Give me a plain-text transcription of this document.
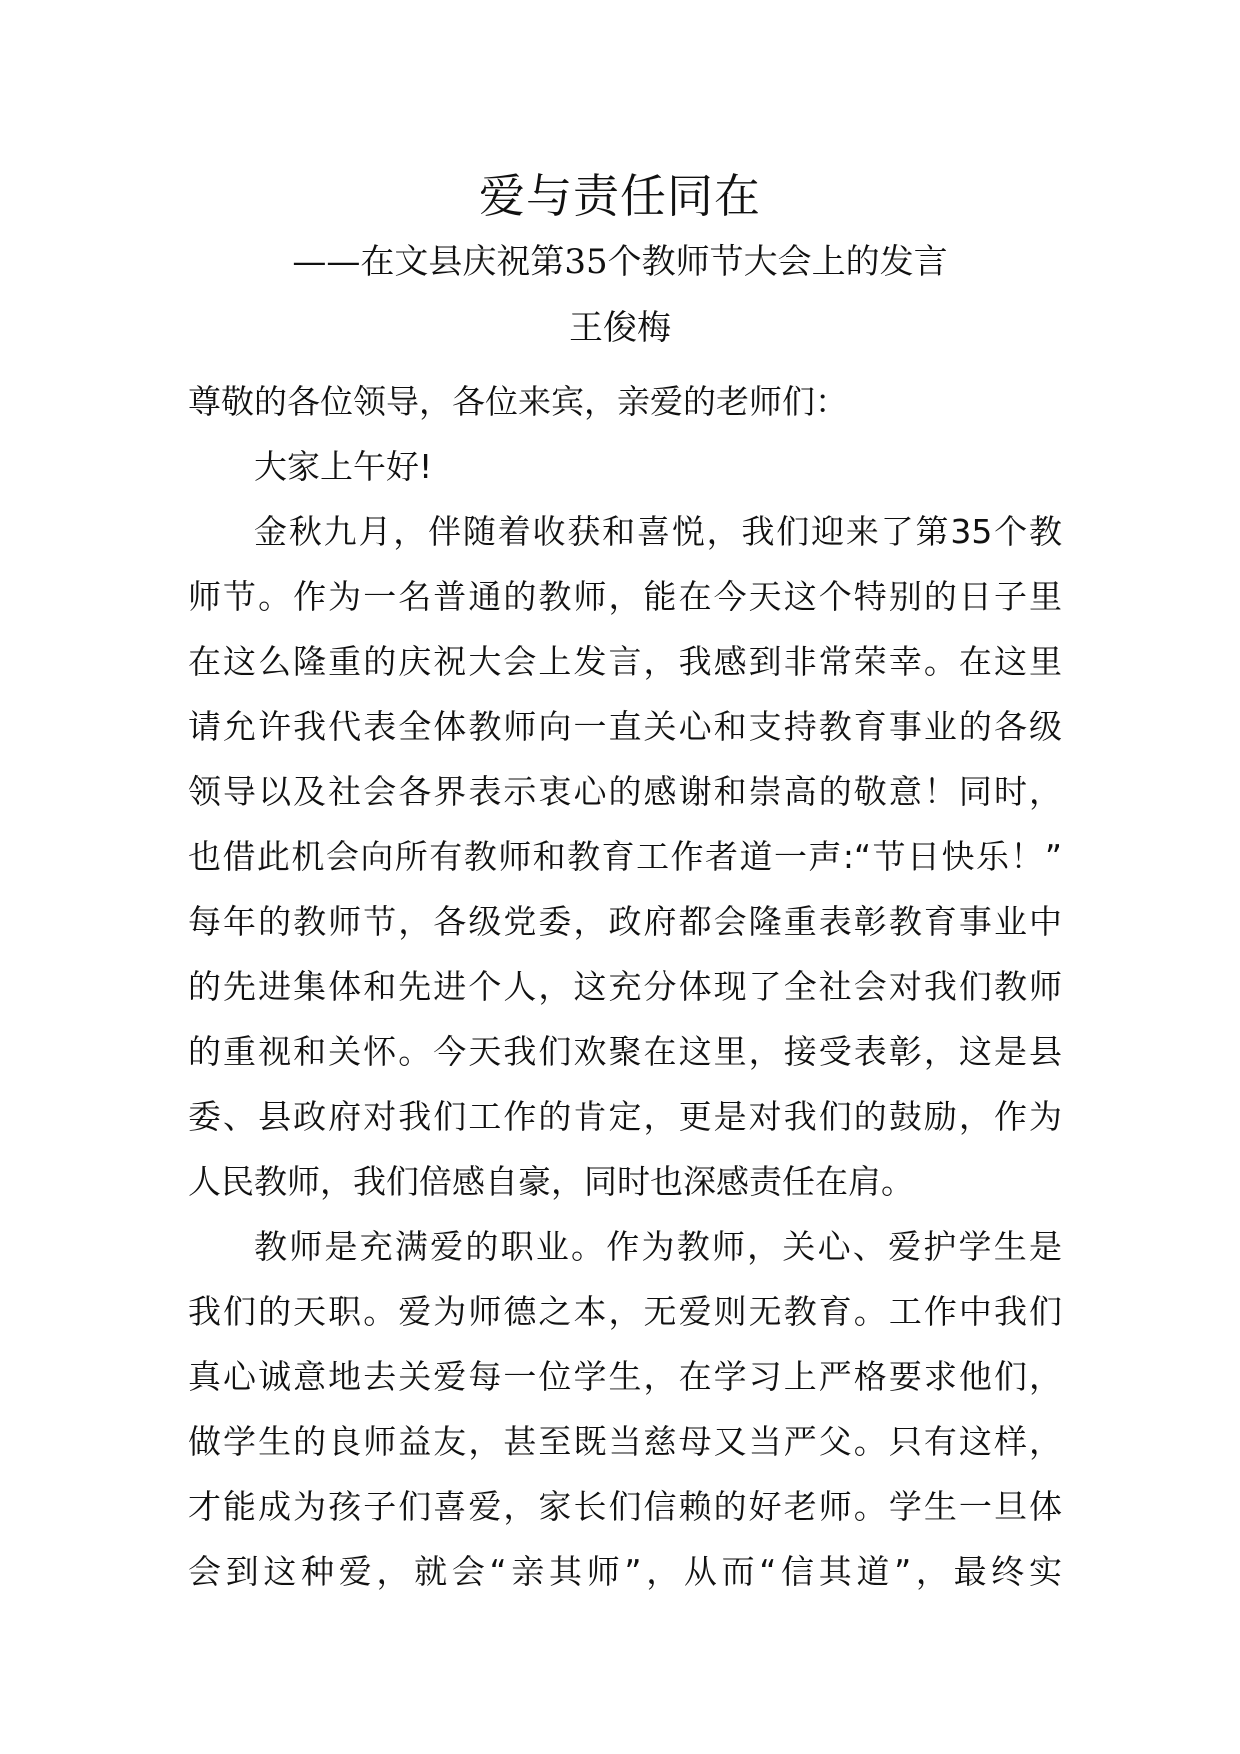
爱与责任同在
——在文县庆祝第35个教师节大会上的发言
王俊梅
尊敬的各位领导，各位来宾，亲爱的老师们：
大家上午好!
金秋九月，伴随着收获和喜悦，我们迎来了第35个教
师节。作为一名普通的教师，能在今天这个特别的日子里
在这么隆重的庆祝大会上发言，我感到非常荣幸。在这里
请允许我代表全体教师向一直关心和支持教育事业的各级
领导以及社会各界表示衷心的感谢和崇高的敬意！同时，
也借此机会向所有教师和教育工作者道一声:“节日快乐！”
每年的教师节，各级党委，政府都会隆重表彰教育事业中
的先进集体和先进个人，这充分体现了全社会对我们教师
的重视和关怀。今天我们欢聚在这里，接受表彰，这是县
委、县政府对我们工作的肯定，更是对我们的鼓励，作为
人民教师，我们倍感自豪，同时也深感责任在肩。
教师是充满爱的职业。作为教师，关心、爱护学生是
我们的天职。爱为师德之本，无爱则无教育。工作中我们
真心诚意地去关爱每一位学生，在学习上严格要求他们，
做学生的良师益友，甚至既当慈母又当严父。只有这样，
才能成为孩子们喜爱，家长们信赖的好老师。学生一旦体
会到这种爱，就会“亲其师”，从而“信其道”，最终实
